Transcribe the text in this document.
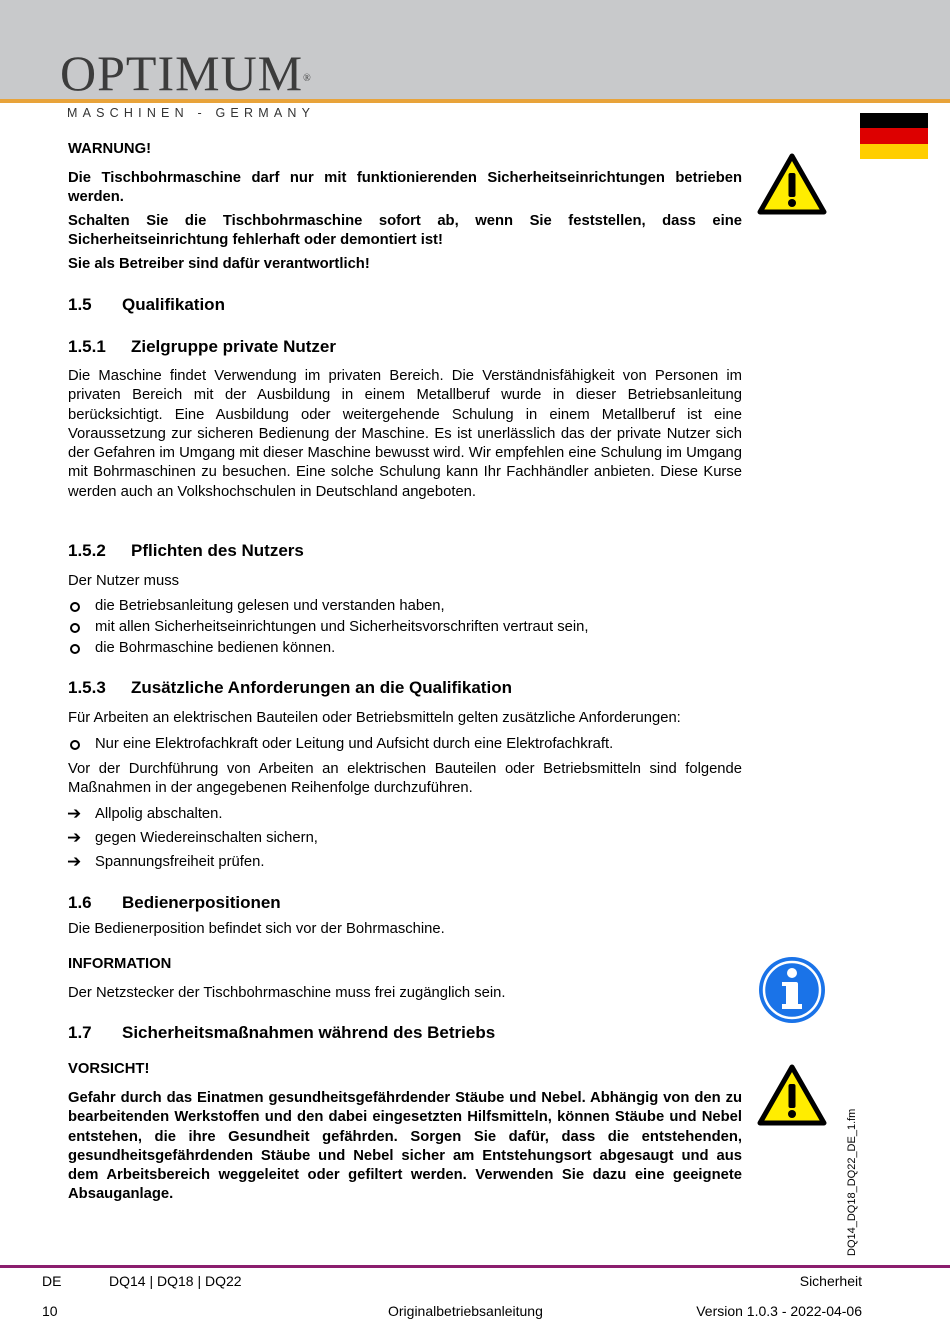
OPTIMUM®
MASCHINEN - GERMANY
WARNUNG!
Die Tischbohrmaschine darf nur mit funktionierenden Sicherheitseinrichtungen betrieben werden.
Schalten Sie die Tischbohrmaschine sofort ab, wenn Sie feststellen, dass eine Sicherheitseinrichtung fehlerhaft oder demontiert ist!
Sie als Betreiber sind dafür verantwortlich!
1.5 Qualifikation
1.5.1 Zielgruppe private Nutzer
Die Maschine findet Verwendung im privaten Bereich. Die Verständnisfähigkeit von Personen im privaten Bereich mit der Ausbildung in einem Metallberuf wurde in dieser Betriebsanleitung berücksichtigt. Eine Ausbildung oder weitergehende Schulung in einem Metallberuf ist eine Voraussetzung zur sicheren Bedienung der Maschine. Es ist unerlässlich das der private Nutzer sich der Gefahren im Umgang mit dieser Maschine bewusst wird. Wir empfehlen eine Schulung im Umgang mit Bohrmaschinen zu besuchen. Eine solche Schulung kann Ihr Fachhändler anbieten. Diese Kurse werden auch an Volkshochschulen in Deutschland angeboten.
1.5.2 Pflichten des Nutzers
Der Nutzer muss
die Betriebsanleitung gelesen und verstanden haben,
mit allen Sicherheitseinrichtungen und Sicherheitsvorschriften vertraut sein,
die Bohrmaschine bedienen können.
1.5.3 Zusätzliche Anforderungen an die Qualifikation
Für Arbeiten an elektrischen Bauteilen oder Betriebsmitteln gelten zusätzliche Anforderungen:
Nur eine Elektrofachkraft oder Leitung und Aufsicht durch eine Elektrofachkraft.
Vor der Durchführung von Arbeiten an elektrischen Bauteilen oder Betriebsmitteln sind folgende Maßnahmen in der angegebenen Reihenfolge durchzuführen.
➔ Allpolig abschalten.
➔ gegen Wiedereinschalten sichern,
➔ Spannungsfreiheit prüfen.
1.6 Bedienerpositionen
Die Bedienerposition befindet sich vor der Bohrmaschine.
INFORMATION
Der Netzstecker der Tischbohrmaschine muss frei zugänglich sein.
1.7 Sicherheitsmaßnahmen während des Betriebs
VORSICHT!
Gefahr durch das Einatmen gesundheitsgefährdender Stäube und Nebel. Abhängig von den zu bearbeitenden Werkstoffen und den dabei eingesetzten Hilfsmitteln, können Stäube und Nebel entstehen, die ihre Gesundheit gefährden. Sorgen Sie dafür, dass die entstehenden, gesundheitsgefährdenden Stäube und Nebel sicher am Entstehungsort abgesaugt und aus dem Arbeitsbereich weggeleitet oder gefiltert werden. Verwenden Sie dazu eine geeignete Absauganlage.	DQ14_DQ18_DQ22_DE_1.fm
DE	DQ14 | DQ18 | DQ22	Sicherheit
10	Originalbetriebsanleitung	Version 1.0.3 - 2022-04-06
